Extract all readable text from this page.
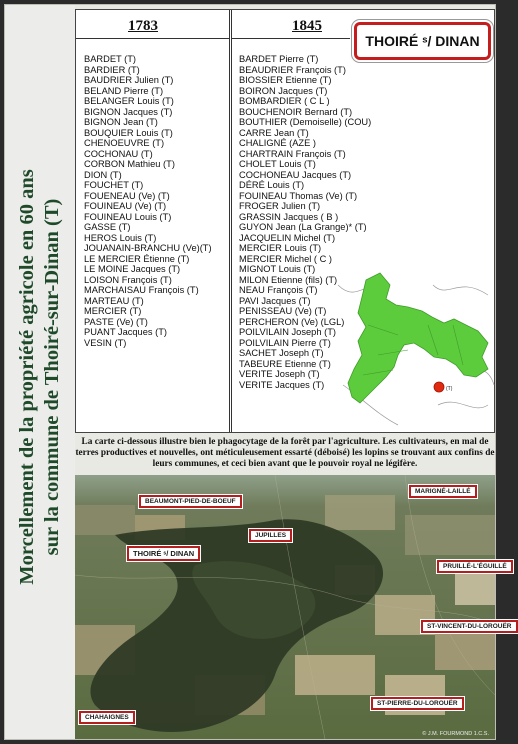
Morcellement de la propriété agricole en 60 ans sur la commune de Thoiré-sur-Dinan (T)
1783	1845
BARDET (T)
BARDIER (T)
BAUDRIER Julien (T)
BELAND Pierre (T)
BELANGER Louis (T)
BIGNON Jacques (T)
BIGNON Jean (T)
BOUQUIER Louis (T)
CHENOEUVRE (T)
COCHONAU (T)
CORBON Mathieu (T)
DION (T)
FOUCHET (T)
FOUENEAU (Ve) (T)
FOUINEAU (Ve) (T)
FOUINEAU Louis (T)
GASSE (T)
HEROS Louis (T)
JOUANAIN-BRANCHU (Ve)(T)
LE MERCIER Étienne (T)
LE MOINE Jacques (T)
LOISON François (T)
MARCHAISAU François (T)
MARTEAU (T)
MERCIER (T)
PASTE (Ve) (T)
PUANT Jacques (T)
VESIN (T)
BARDET Pierre (T)
BEAUDRIER François (T)
BIOSSIER Etienne (T)
BOIRON Jacques (T)
BOMBARDIER ( C L )
BOUCHENOIR Bernard (T)
BOUTHIER (Demoiselle) (COU)
CARRE Jean (T)
CHALIGNÉ (AZE )
CHARTRAIN François (T)
CHOLET Louis (T)
COCHONEAU Jacques (T)
DÉRÉ Louis (T)
FOUINEAU Thomas (Ve) (T)
FROGER Julien (T)
GRASSIN Jacques ( B )
GUYON Jean (La Grange)* (T)
JACQUELIN Michel (T)
MERCIER Louis (T)
MERCIER Michel ( C )
MIGNOT Louis (T)
MILON Etienne (fils) (T)
NEAU François (T)
PAVI Jacques (T)
PENISSEAU (Ve) (T)
PERCHERON (Ve) (LGL)
POILVILAIN Joseph (T)
POILVILAIN Pierre (T)
SACHET Joseph (T)
TABEURE Etienne (T)
VERITE Joseph (T)
VERITE Jacques (T)
THOIRÉ ˢ/ DINAN
(T)
La carte ci-dessous illustre bien le phagocytage de la forêt par l'agriculture. Les cultivateurs, en mal de terres productives et nouvelles, ont méticuleusement essarté (déboisé) les lopins se trouvant aux confins de leurs communes, et ceci bien avant que le pouvoir royal ne légifère.
BEAUMONT-PIED-DE-BOEUF
MARIGNÉ-LAILLÉ
JUPILLES
THOIRÉ ˢ/ DINAN
PRUILLÉ-L'ÉGUILLÉ
ST-VINCENT-DU-LOROUËR
CHAHAIGNES
ST-PIERRE-DU-LOROUËR
© J.M. FOURMOND 1.C.S.
